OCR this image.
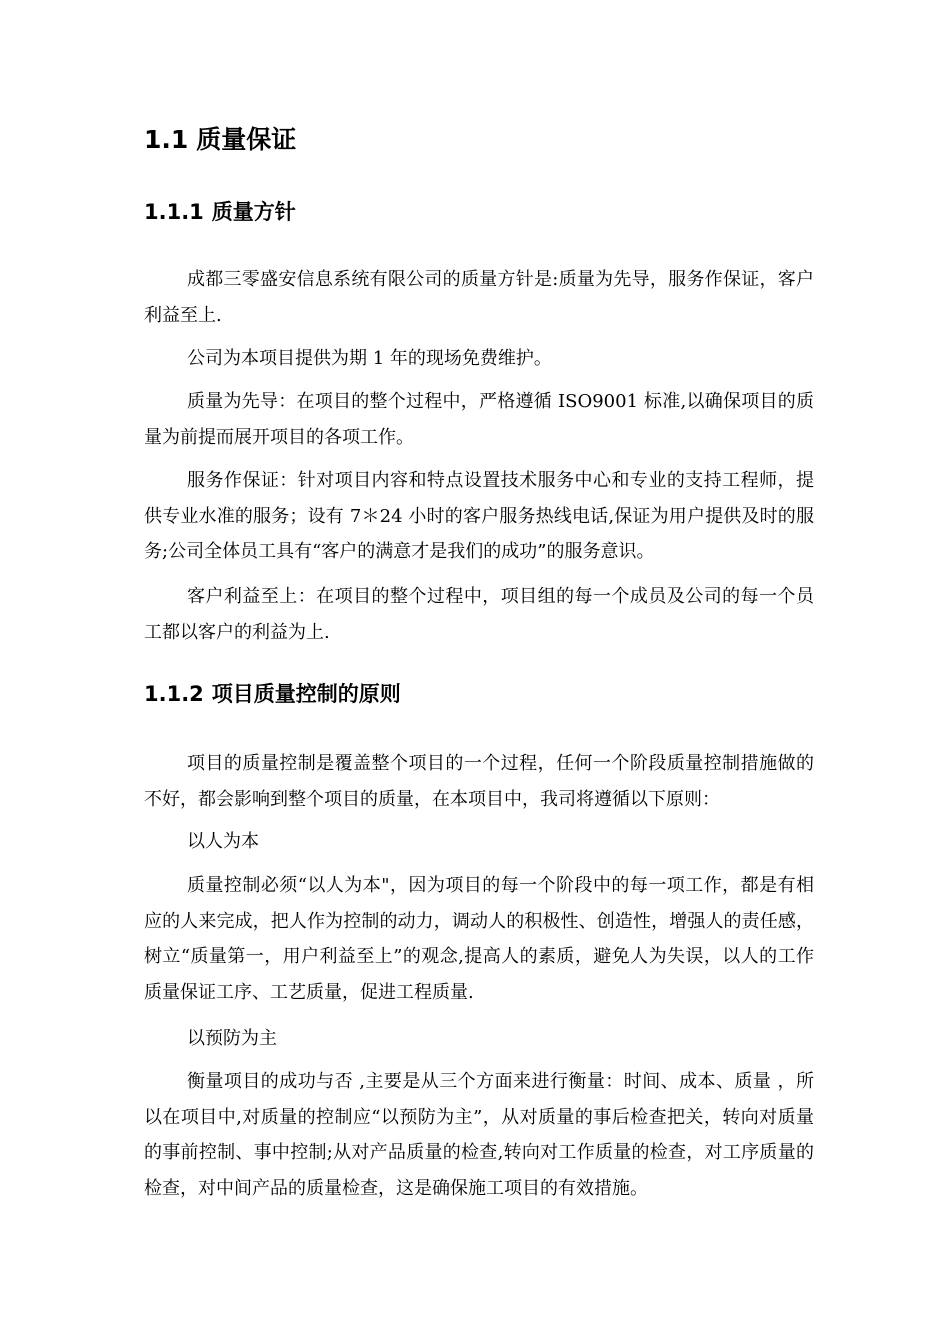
1.1 质量保证
1.1.1 质量方针

成都三零盛安信息系统有限公司的质量方针是:质量为先导，服务作保证，客户利益至上.

公司为本项目提供为期 1 年的现场免费维护。

质量为先导：在项目的整个过程中，严格遵循 ISO9001 标准,以确保项目的质量为前提而展开项目的各项工作。

服务作保证：针对项目内容和特点设置技术服务中心和专业的支持工程师，提供专业水准的服务；设有 7＊24 小时的客户服务热线电话,保证为用户提供及时的服务;公司全体员工具有“客户的满意才是我们的成功”的服务意识。

客户利益至上：在项目的整个过程中，项目组的每一个成员及公司的每一个员工都以客户的利益为上.

1.1.2 项目质量控制的原则

项目的质量控制是覆盖整个项目的一个过程，任何一个阶段质量控制措施做的不好，都会影响到整个项目的质量，在本项目中，我司将遵循以下原则：

以人为本

质量控制必须“以人为本"，因为项目的每一个阶段中的每一项工作，都是有相应的人来完成，把人作为控制的动力，调动人的积极性、创造性，增强人的责任感，树立“质量第一，用户利益至上”的观念,提高人的素质，避免人为失误，以人的工作质量保证工序、工艺质量，促进工程质量.

以预防为主

衡量项目的成功与否 ,主要是从三个方面来进行衡量：时间、成本、质量 ，所以在项目中,对质量的控制应“以预防为主”，从对质量的事后检查把关，转向对质量的事前控制、事中控制;从对产品质量的检查,转向对工作质量的检查，对工序质量的检查，对中间产品的质量检查，这是确保施工项目的有效措施。
